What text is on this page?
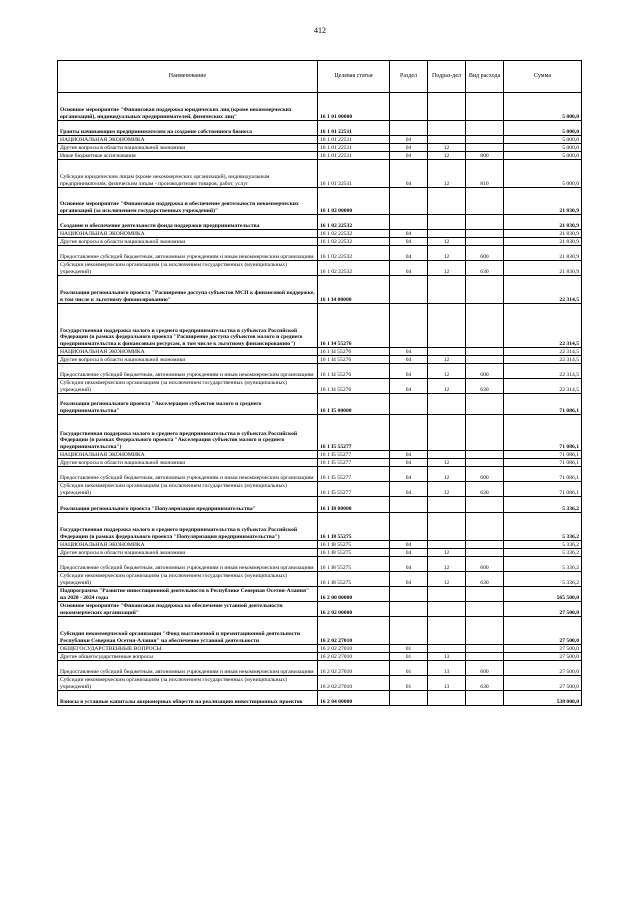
412
Наименование	Целевая статья	Раздел	Подраз-дел	Вид расхода	Сумма
Основное мероприятие "Финансовая поддержка юридических лиц (кроме некоммерческих организаций), индивидуальных предпринимателей, физических лиц"	16 1 01 00000				5 000,0
Гранты начинающим предпринимателям на создание собственного бизнеса	16 1 01 22511				5 000,0
НАЦИОНАЛЬНАЯ ЭКОНОМИКА	16 1 01 22511	04			5 000,0
Другие вопросы в области национальной экономики	16 1 01 22511	04	12		5 000,0
Иные бюджетные ассигнования	16 1 01 22511	04	12	800	5 000,0
Субсидии юридическим лицам (кроме некоммерческих организаций), индивидуальным предпринимателям, физическим лицам - производителям товаров, работ, услуг	16 1 01 22511	04	12	810	5 000,0
Основное мероприятие "Финансовая поддержка и обеспечение деятельности некоммерческих организаций (за исключением государственных учреждений)"	16 1 02 00000				21 830,9
Создание и обеспечение деятельности фонда поддержки предпринимательства	16 1 02 22532				21 830,9
НАЦИОНАЛЬНАЯ ЭКОНОМИКА	16 1 02 22532	04			21 830,9
Другие вопросы в области национальной экономики	16 1 02 22532	04	12		21 830,9
Предоставление субсидий бюджетным, автономным учреждениям и иным некоммерческим организациям	16 1 02 22532	04	12	600	21 830,9
Субсидии некоммерческим организациям (за исключением государственных (муниципальных) учреждений)	16 1 02 22532	04	12	630	21 830,9
Реализация регионального проекта "Расширение доступа субъектов МСП к финансовой поддержке, в том числе к льготному финансированию"	16 1 I4 00000				22 314,5
Государственная поддержка малого и среднего предпринимательства в субъектах Российской Федерации (в рамках федерального проекта "Расширение доступа субъектов малого и среднего предпринимательства к финансовым ресурсам, в том числе к льготному финансированию")	16 1 I4 55276				22 314,5
НАЦИОНАЛЬНАЯ ЭКОНОМИКА	16 1 I4 55276	04			22 314,5
Другие вопросы в области национальной экономики	16 1 I4 55276	04	12		22 314,5
Предоставление субсидий бюджетным, автономным учреждениям и иным некоммерческим организациям	16 1 I4 55276	04	12	600	22 314,5
Субсидии некоммерческим организациям (за исключением государственных (муниципальных) учреждений)	16 1 I4 55276	04	12	630	22 314,5
Реализация регионального проекта "Акселерация субъектов малого и среднего предпринимательства"	16 1 I5 00000				71 086,1
Государственная поддержка малого и среднего предпринимательства в субъектах Российской Федерации (в рамках Федерального проекта "Акселерация субъектов малого и среднего предпринимательства")	16 1 I5 55277				71 086,1
НАЦИОНАЛЬНАЯ ЭКОНОМИКА	16 1 I5 55277	04			71 086,1
Другие вопросы в области национальной экономики	16 1 I5 55277	04	12		71 086,1
Предоставление субсидий бюджетным, автономным учреждениям и иным некоммерческим организациям	16 1 I5 55277	04	12	600	71 086,1
Субсидии некоммерческим организациям (за исключением государственных (муниципальных) учреждений)	16 1 I5 55277	04	12	630	71 086,1
Реализация регионального проекта "Популяризация предпринимательства"	16 1 I8 00000				5 336,2
Государственная поддержка малого и среднего предпринимательства в субъектах Российской Федерации (в рамках федерального проекта "Популяризация предпринимательства")	16 1 I8 55275				5 336,2
НАЦИОНАЛЬНАЯ ЭКОНОМИКА	16 1 I8 55275	04			5 336,2
Другие вопросы в области национальной экономики	16 1 I8 55275	04	12		5 336,2
Предоставление субсидий бюджетным, автономным учреждениям и иным некоммерческим организациям	16 1 I8 55275	04	12	600	5 336,2
Субсидии некоммерческим организациям (за исключением государственных (муниципальных) учреждений)	16 1 I8 55275	04	12	630	5 336,2
Подпрограмма "Развитие инвестиционной деятельности в Республике Северная Осетия-Алания" на 2020 - 2024 годы	16 2 00 00000				565 500,0
Основное мероприятие "Финансовая поддержка на обеспечение уставной деятельности некоммерческих организаций"	16 2 02 00000				27 500,0
Субсидия некоммерческой организации "Фонд выставочной и презентационной деятельности Республики Северная Осетия-Алания" на обеспечение уставной деятельности	16 2 02 27010				27 500,0
ОБЩЕГОСУДАРСТВЕННЫЕ ВОПРОСЫ	16 2 02 27010	01			27 500,0
Другие общегосударственные вопросы	16 2 02 27010	01	13		27 500,0
Предоставление субсидий бюджетным, автономным учреждениям и иным некоммерческим организациям	16 2 02 27010	01	13	600	27 500,0
Субсидии некоммерческим организациям (за исключением государственных (муниципальных) учреждений)	16 2 02 27010	01	13	630	27 500,0
Взносы в уставные капиталы акционерных обществ на реализацию инвестиционных проектов	16 2 04 00000				538 000,0
